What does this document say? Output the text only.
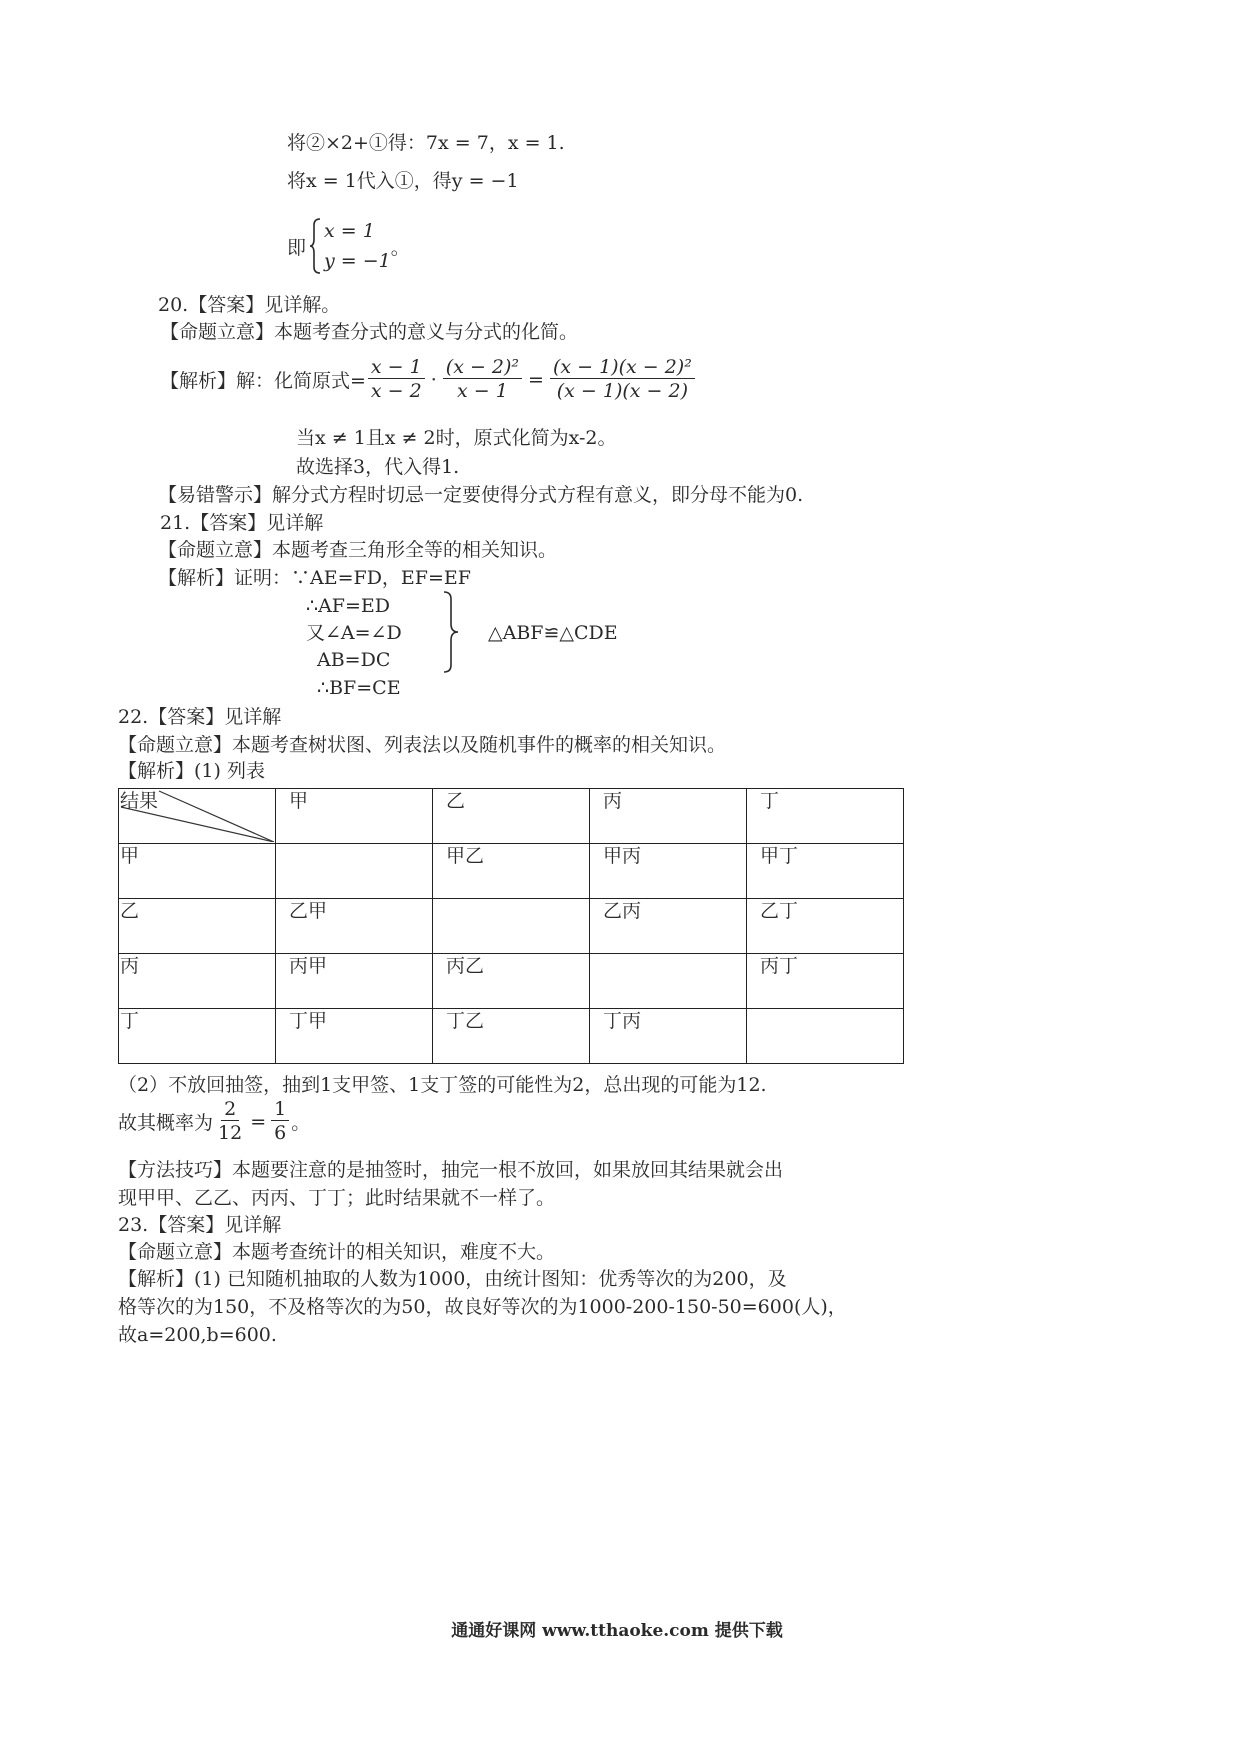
将②×2+①得：7x = 7，x = 1.
将x = 1代入①，得y = −1
即
x = 1
y = −1
。
20.【答案】见详解。
【命题立意】本题考查分式的意义与分式的化简。
【解析】解：化简原式= $\frac{x - 1}{x - 2} \cdot \frac{\text{(x − 2)²}}{x - 1} = \frac{\text{(x − 1)(x − 2)²}}{(x - 1)(x - 2)}$
当x ≠ 1且x ≠ 2时，原式化简为x-2。
故选择3，代入得1.
【易错警示】解分式方程时切忌一定要使得分式方程有意义，即分母不能为0.
21.【答案】见详解
【命题立意】本题考查三角形全等的相关知识。
【解析】证明：∵AE=FD，EF=EF
∴AF=ED
又∠A=∠D
AB=DC
△ABF≌△CDE
∴BF=CE
22.【答案】见详解
【命题立意】本题考查树状图、列表法以及随机事件的概率的相关知识。
【解析】(1) 列表
结果	甲	乙	丙	丁
甲		甲乙	甲丙	甲丁
乙	乙甲		乙丙	乙丁
丙	丙甲	丙乙		丙丁
丁	丁甲	丁乙	丁丙	
（2）不放回抽签，抽到1支甲签、1支丁签的可能性为2，总出现的可能为12.
故其概率为 $\frac{2}{12} = \frac{1}{6}$ 。
【方法技巧】本题要注意的是抽签时，抽完一根不放回，如果放回其结果就会出
现甲甲、乙乙、丙丙、丁丁；此时结果就不一样了。
23.【答案】见详解
【命题立意】本题考查统计的相关知识，难度不大。
【解析】(1) 已知随机抽取的人数为1000，由统计图知：优秀等次的为200，及
格等次的为150，不及格等次的为50，故良好等次的为1000-200-150-50=600(人)，
故a=200,b=600.
通通好课网 www.tthaoke.com 提供下载
